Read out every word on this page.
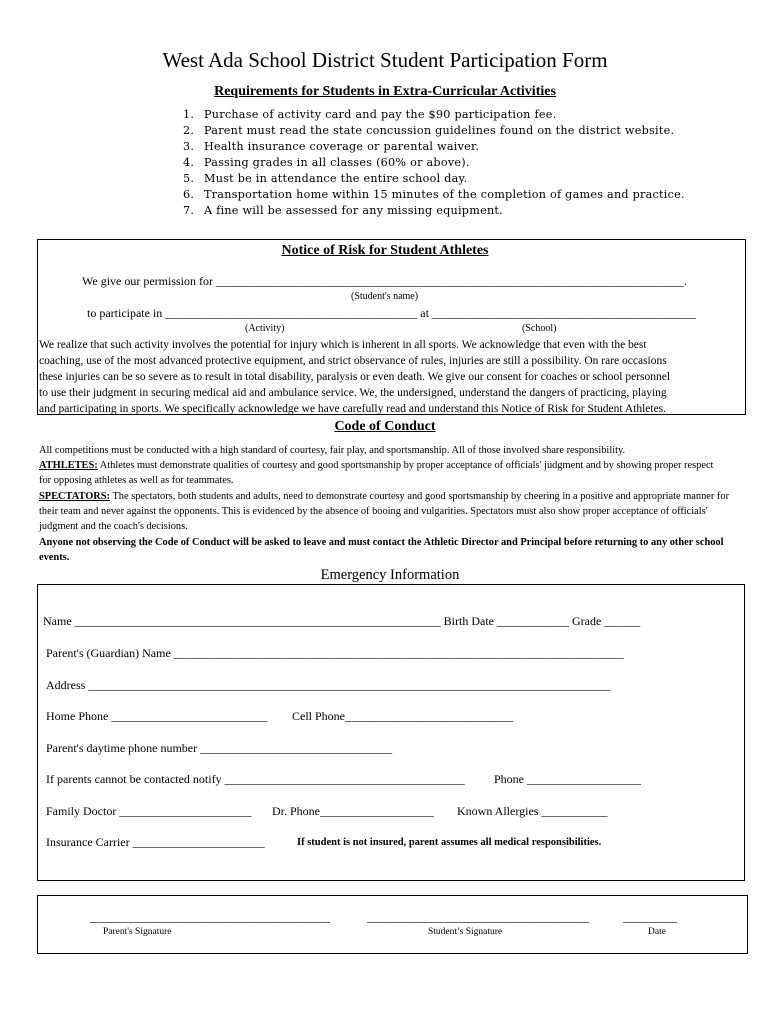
West Ada School District Student Participation Form
Requirements for Students in Extra-Curricular Activities
1. Purchase of activity card and pay the $90 participation fee.
2. Parent must read the state concussion guidelines found on the district website.
3. Health insurance coverage or parental waiver.
4. Passing grades in all classes (60% or above).
5. Must be in attendance the entire school day.
6. Transportation home within 15 minutes of the completion of games and practice.
7. A fine will be assessed for any missing equipment.
Notice of Risk for Student Athletes
We give our permission for ______________________________________________________________________________.
(Student's name)
to participate in __________________________________________ at ____________________________________________
(Activity)	(School)
We realize that such activity involves the potential for injury which is inherent in all sports. We acknowledge that even with the best
coaching, use of the most advanced protective equipment, and strict observance of rules, injuries are still a possibility. On rare occasions
these injuries can be so severe as to result in total disability, paralysis or even death. We give our consent for coaches or school personnel
to use their judgment in securing medical aid and ambulance service. We, the undersigned, understand the dangers of practicing, playing
and participating in sports. We specifically acknowledge we have carefully read and understand this Notice of Risk for Student Athletes.
Code of Conduct
All competitions must be conducted with a high standard of courtesy, fair play, and sportsmanship. All of those involved share responsibility.
ATHLETES: Athletes must demonstrate qualities of courtesy and good sportsmanship by proper acceptance of officials' judgment and by showing proper respect for opposing athletes as well as for teammates.
SPECTATORS: The spectators, both students and adults, need to demonstrate courtesy and good sportsmanship by cheering in a positive and appropriate manner for their team and never against the opponents. This is evidenced by the absence of booing and vulgarities. Spectators must also show proper acceptance of officials' judgment and the coach's decisions.
Anyone not observing the Code of Conduct will be asked to leave and must contact the Athletic Director and Principal before returning to any other school events.
Emergency Information
Name _____________________________________________________________ Birth Date ____________ Grade ______
Parent's (Guardian) Name ___________________________________________________________________________
Address _______________________________________________________________________________________
Home Phone __________________________ Cell Phone____________________________
Parent's daytime phone number ________________________________
If parents cannot be contacted notify ________________________________________ Phone ___________________
Family Doctor ______________________ Dr. Phone___________________ Known Allergies ___________
Insurance Carrier ______________________	If student is not insured, parent assumes all medical responsibilities.
________________________________________
Parent's Signature
_____________________________________
Student’s Signature
_________
Date
